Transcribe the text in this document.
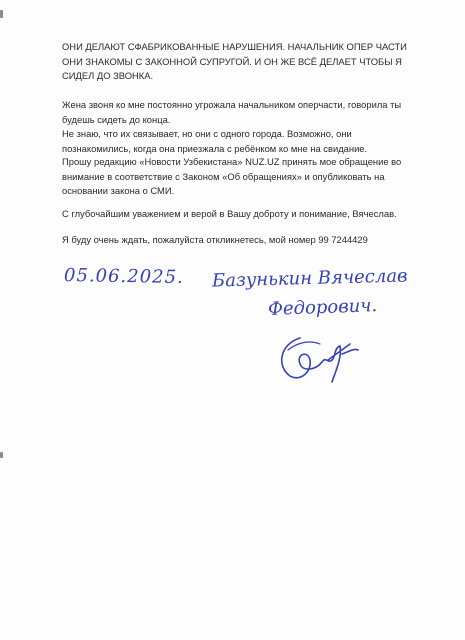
ОНИ ДЕЛАЮТ СФАБРИКОВАННЫЕ НАРУШЕНИЯ. НАЧАЛЬНИК ОПЕР ЧАСТИ
ОНИ ЗНАКОМЫ С ЗАКОННОЙ СУПРУГОЙ. И ОН ЖЕ ВСЁ ДЕЛАЕТ ЧТОБЫ Я
СИДЕЛ ДО ЗВОНКА.

Жена звоня ко мне постоянно угрожала начальником оперчасти, говорила ты
будешь сидеть до конца.
Не знаю, что их связывает, но они с одного города. Возможно, они
познакомились, когда она приезжала с ребёнком ко мне на свидание.

Прошу редакцию «Новости Узбекистана» NUZ.UZ принять мое обращение во
внимание в соответствие с Законом «Об обращениях» и опубликовать на
основании закона о СМИ.

С глубочайшим уважением и верой в Вашу доброту и понимание, Вячеслав.

Я буду очень ждать, пожалуйста откликнетесь, мой номер 99 7244429

05.06.2025. Базунькин Вячеслав
Федорович.
